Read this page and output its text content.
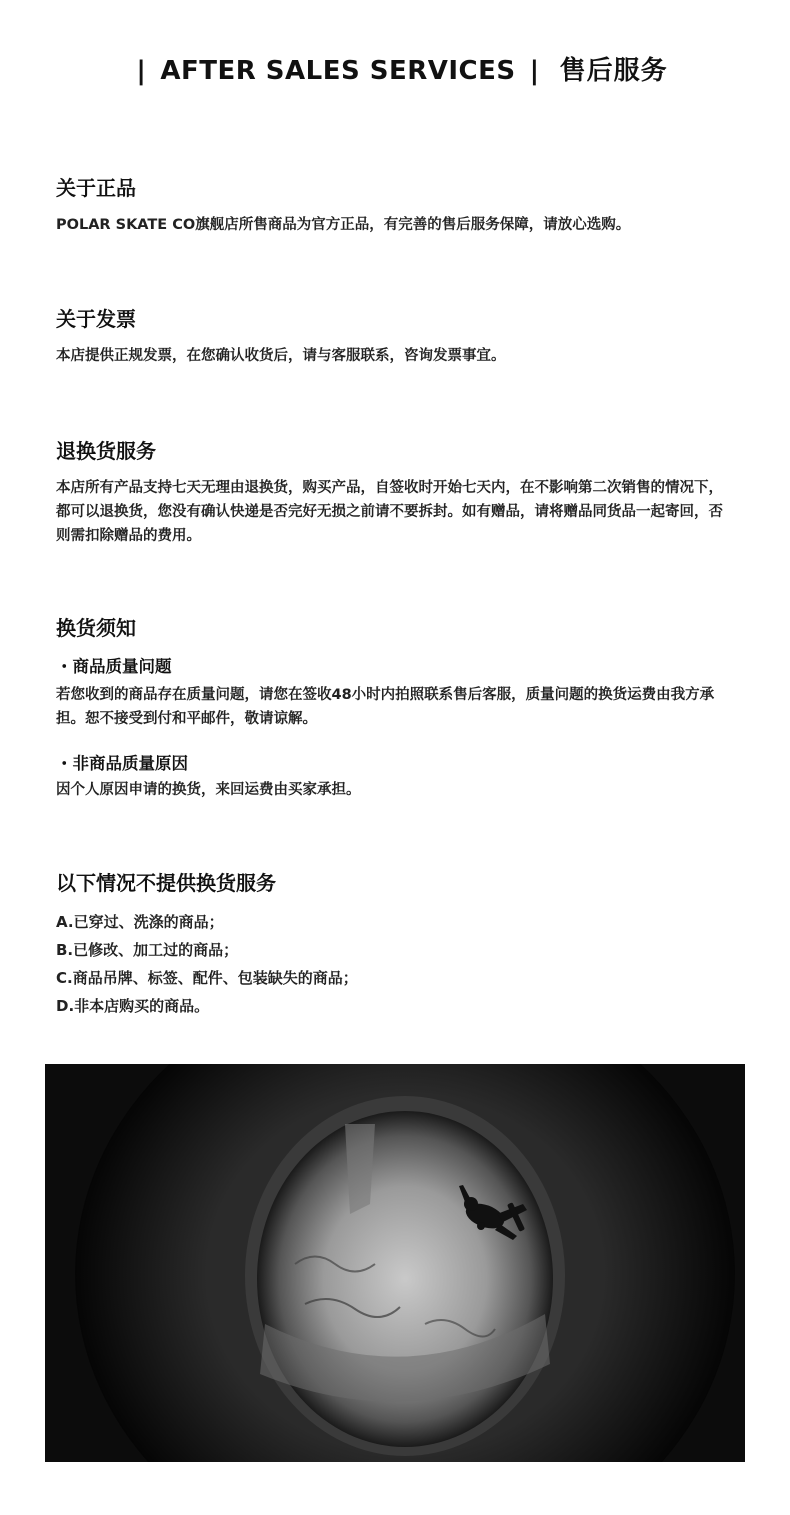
| AFTER SALES SERVICES | 售后服务
关于正品

POLAR SKATE CO旗舰店所售商品为官方正品，有完善的售后服务保障，请放心选购。

关于发票

本店提供正规发票，在您确认收货后，请与客服联系，咨询发票事宜。

退换货服务

本店所有产品支持七天无理由退换货，购买产品，自签收时开始七天内，在不影响第二次销售的情况下，都可以退换货，您没有确认快递是否完好无损之前请不要拆封。如有赠品，请将赠品同货品一起寄回，否则需扣除赠品的费用。

换货须知

・商品质量问题

若您收到的商品存在质量问题，请您在签收48小时内拍照联系售后客服，质量问题的换货运费由我方承担。恕不接受到付和平邮件，敬请谅解。

・非商品质量原因

因个人原因申请的换货，来回运费由买家承担。

以下情况不提供换货服务

A.已穿过、洗涤的商品；

B.已修改、加工过的商品；

C.商品吊牌、标签、配件、包装缺失的商品；

D.非本店购买的商品。
